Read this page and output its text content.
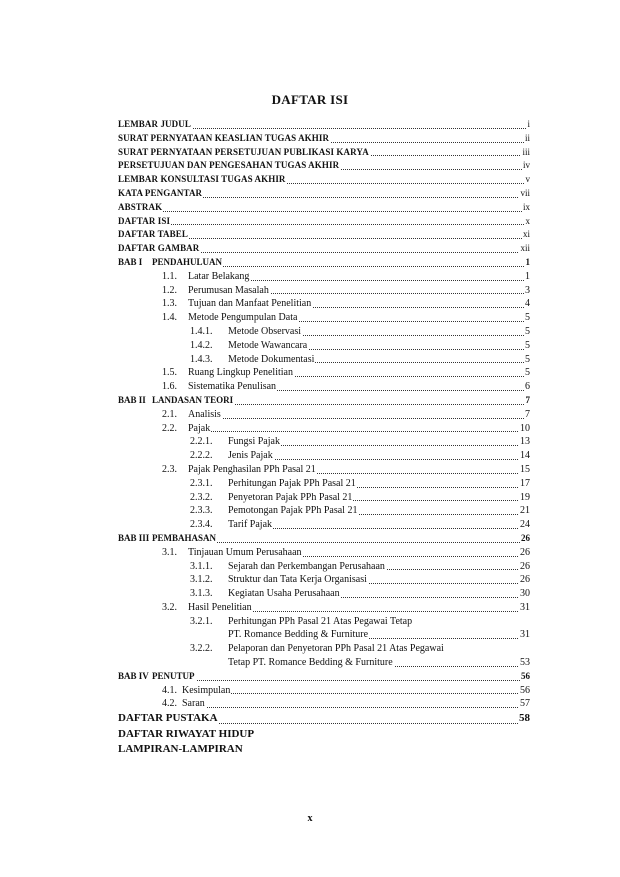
DAFTAR ISI
LEMBAR JUDUL	i
SURAT PERNYATAAN KEASLIAN TUGAS AKHIR	ii
SURAT PERNYATAAN PERSETUJUAN PUBLIKASI KARYA	iii
PERSETUJUAN DAN PENGESAHAN TUGAS AKHIR	iv
LEMBAR KONSULTASI TUGAS AKHIR	v
KATA PENGANTAR	vii
ABSTRAK	ix
DAFTAR ISI	x
DAFTAR TABEL	xi
DAFTAR GAMBAR	xii
BAB I PENDAHULUAN	1
1.1. Latar Belakang	1
1.2. Perumusan Masalah	3
1.3. Tujuan dan Manfaat Penelitian	4
1.4. Metode Pengumpulan Data	5
1.4.1. Metode Observasi	5
1.4.2. Metode Wawancara	5
1.4.3. Metode Dokumentasi	5
1.5. Ruang Lingkup Penelitian	5
1.6. Sistematika Penulisan	6
BAB II LANDASAN TEORI	7
2.1. Analisis	7
2.2. Pajak	10
2.2.1. Fungsi Pajak	13
2.2.2. Jenis Pajak	14
2.3. Pajak Penghasilan PPh Pasal 21	15
2.3.1. Perhitungan Pajak PPh Pasal 21	17
2.3.2. Penyetoran Pajak PPh Pasal 21	19
2.3.3. Pemotongan Pajak PPh Pasal 21	21
2.3.4. Tarif Pajak	24
BAB III PEMBAHASAN	26
3.1. Tinjauan Umum Perusahaan	26
3.1.1. Sejarah dan Perkembangan Perusahaan	26
3.1.2. Struktur dan Tata Kerja Organisasi	26
3.1.3. Kegiatan Usaha Perusahaan	30
3.2. Hasil Penelitian	31
3.2.1. Perhitungan PPh Pasal 21 Atas Pegawai Tetap
PT. Romance Bedding & Furniture	31
3.2.2. Pelaporan dan Penyetoran PPh Pasal 21 Atas Pegawai
Tetap PT. Romance Bedding & Furniture	53
BAB IV PENUTUP	56
4.1. Kesimpulan	56
4.2. Saran	57
DAFTAR PUSTAKA	58
DAFTAR RIWAYAT HIDUP
LAMPIRAN-LAMPIRAN
x
